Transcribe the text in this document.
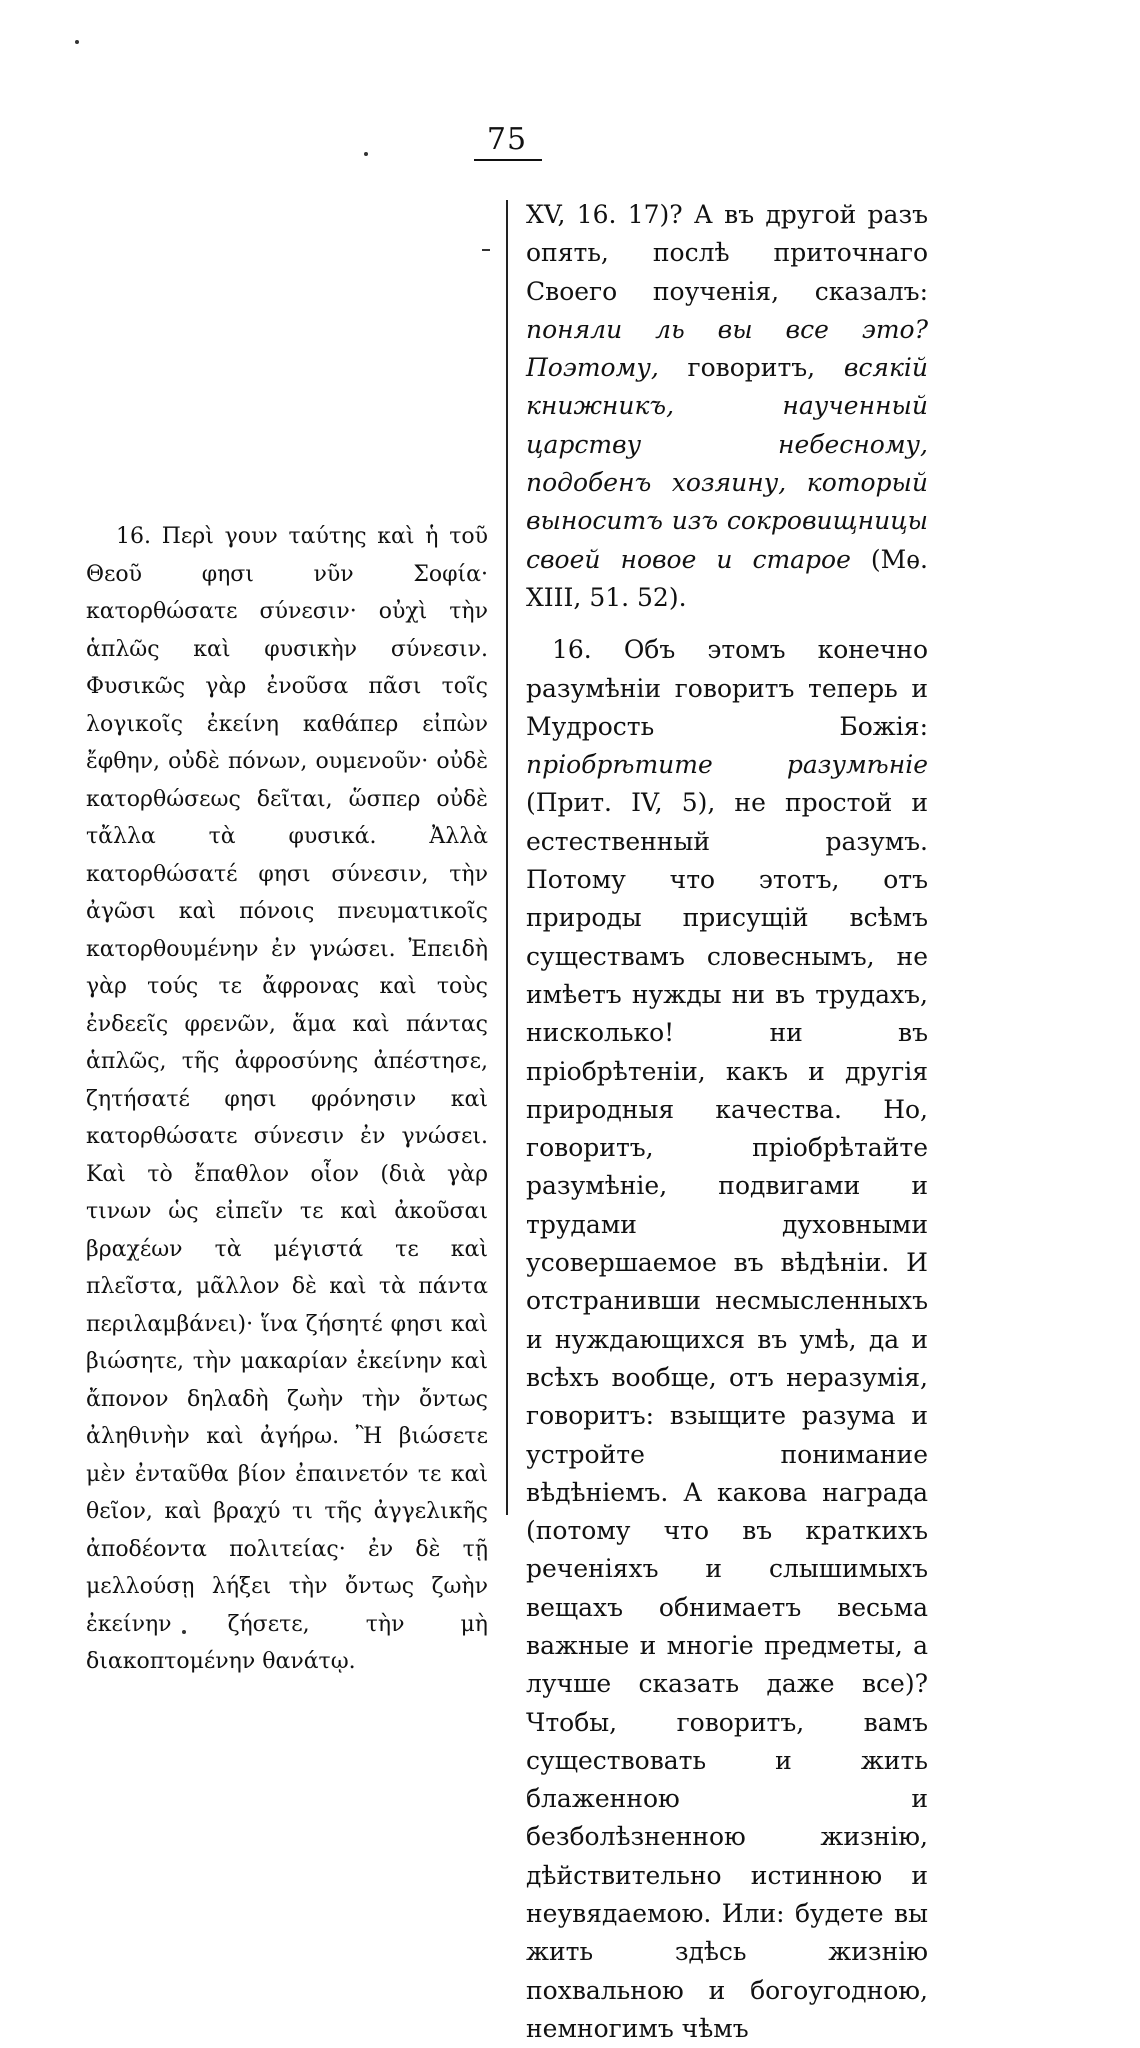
75

16. Περὶ γουν ταύτης καὶ ἡ τοῦ Θεοῦ φησι νῦν Σοφία· κατορθώσατε σύνεσιν· οὐχὶ τὴν ἁπλῶς καὶ φυσικὴν σύνεσιν. Φυσικῶς γὰρ ἐνοῦσα πᾶσι τοῖς λογικοῖς ἐκείνη καθάπερ εἰπὼν ἔφθην, οὐδὲ πόνων, ουμενοῦν· οὐδὲ κατορθώσεως δεῖται, ὥσπερ οὐδὲ τἄλλα τὰ φυσικά. Ἀλλὰ κατορθώσατέ φησι σύνεσιν, τὴν ἀγῶσι καὶ πόνοις πνευματικοῖς κατορθουμένην ἐν γνώσει. Ἐπειδὴ γὰρ τούς τε ἄφρονας καὶ τοὺς ἐνδεεῖς φρενῶν, ἅμα καὶ πάντας ἁπλῶς, τῆς ἀφροσύνης ἀπέστησε, ζητήσατέ φησι φρόνησιν καὶ κατορθώσατε σύνεσιν ἐν γνώσει. Καὶ τὸ ἔπαθλον οἷον (διὰ γὰρ τινων ὡς εἰπεῖν τε καὶ ἀκοῦσαι βραχέων τὰ μέγιστά τε καὶ πλεῖστα, μᾶλλον δὲ καὶ τὰ πάντα περιλαμβάνει)· ἵνα ζήσητέ φησι καὶ βιώσητε, τὴν μακαρίαν ἐκείνην καὶ ἄπονον δηλαδὴ ζωὴν τὴν ὄντως ἀληθινὴν καὶ ἀγήρω. Ἢ βιώσετε μὲν ἐνταῦθα βίον ἐπαινετόν τε καὶ θεῖον, καὶ βραχύ τι τῆς ἀγγελικῆς ἀποδέοντα πολιτείας· ἐν δὲ τῇ μελλούσῃ λήξει τὴν ὄντως ζωὴν ἐκείνην ζήσετε, τὴν μὴ διακοπτομένην θανάτῳ.

XV, 16. 17)? А въ другой разъ опять, послѣ приточнаго Своего поученія, сказалъ: поняли ль вы все это? Поэтому, говоритъ, всякій книжникъ, наученный царству небесному, подобенъ хозяину, который выноситъ изъ сокровищницы своей новое и старое (Мѳ. XIII, 51. 52).

16. Объ этомъ конечно разумѣніи говоритъ теперь и Мудрость Божія: пріобрѣтите разумѣніе (Прит. IV, 5), не простой и естественный разумъ. Потому что этотъ, отъ природы присущій всѣмъ существамъ словеснымъ, не имѣетъ нужды ни въ трудахъ, нисколько! ни въ пріобрѣтеніи, какъ и другія природныя качества. Но, говоритъ, пріобрѣтайте разумѣніе, подвигами и трудами духовными усовершаемое въ вѣдѣніи. И отстранивши несмысленныхъ и нуждающихся въ умѣ, да и всѣхъ вообще, отъ неразумія, говоритъ: взыщите разума и устройте понимание вѣдѣніемъ. А какова награда (потому что въ краткихъ реченіяхъ и слышимыхъ вещахъ обнимаетъ весьма важные и многіе предметы, а лучше сказать даже все)? Чтобы, говоритъ, вамъ существовать и жить блаженною и безболѣзненною жизнію, дѣйствительно истинною и неувядаемою. Или: будете вы жить здѣсь жизнію похвальною и богоугодною, немногимъ чѣмъ
